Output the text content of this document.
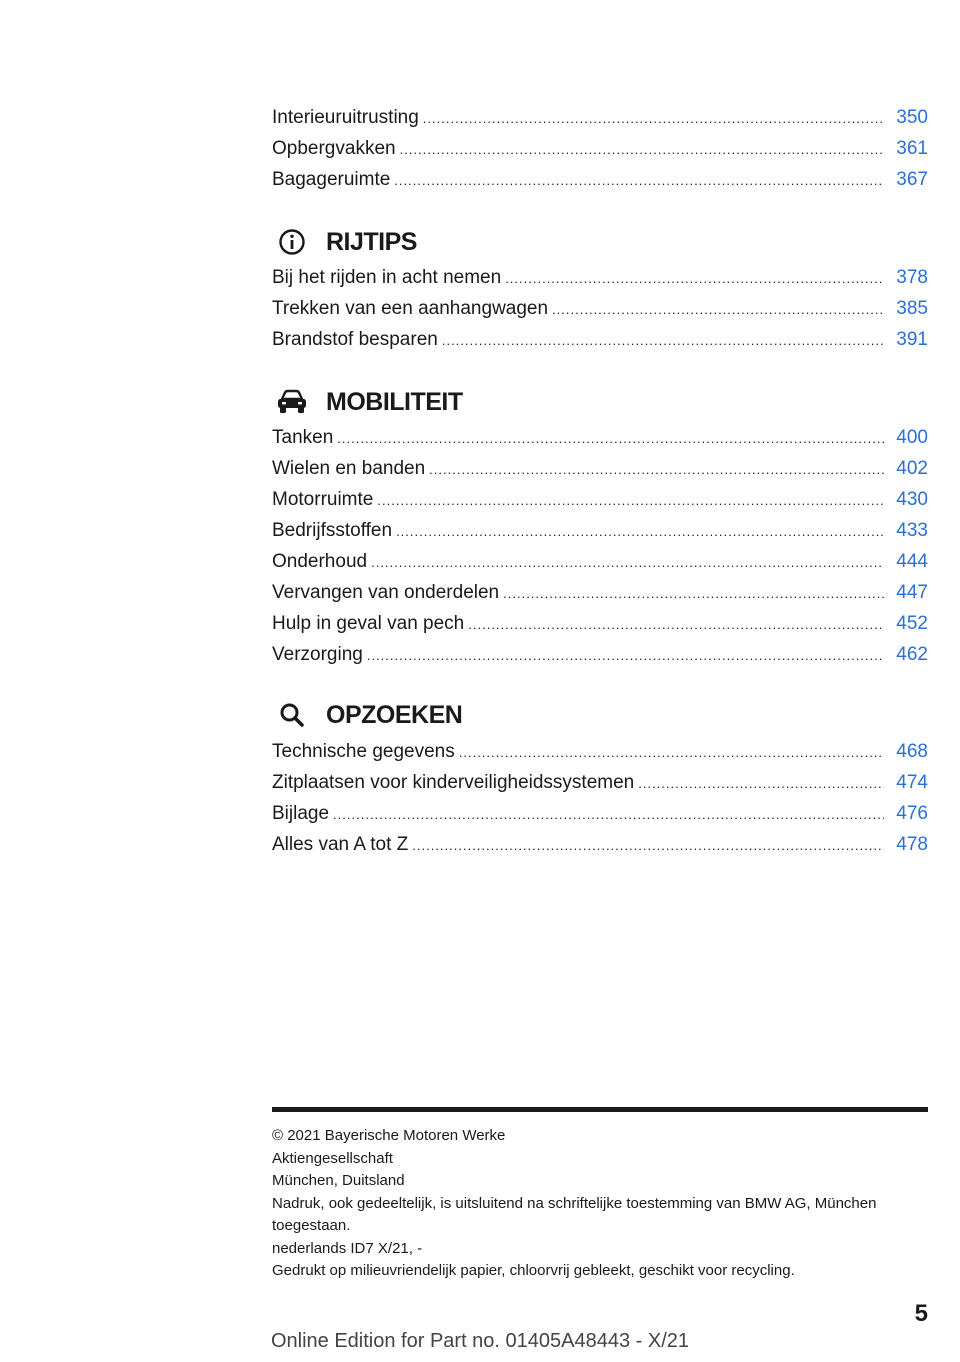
Interieuruitrusting .....	350
Opbergvakken .....	361
Bagageruimte .....	367
RIJTIPS
Bij het rijden in acht nemen .....	378
Trekken van een aanhangwagen .....	385
Brandstof besparen .....	391
MOBILITEIT
Tanken .....	400
Wielen en banden .....	402
Motorruimte .....	430
Bedrijfsstoffen .....	433
Onderhoud .....	444
Vervangen van onderdelen .....	447
Hulp in geval van pech .....	452
Verzorging .....	462
OPZOEKEN
Technische gegevens .....	468
Zitplaatsen voor kinderveiligheidssystemen .....	474
Bijlage .....	476
Alles van A tot Z .....	478
© 2021 Bayerische Motoren Werke
Aktiengesellschaft
München, Duitsland
Nadruk, ook gedeeltelijk, is uitsluitend na schriftelijke toestemming van BMW AG, München toegestaan.
nederlands ID7 X/21, -
Gedrukt op milieuvriendelijk papier, chloorvrij gebleekt, geschikt voor recycling.
5
Online Edition for Part no. 01405A48443 - X/21
